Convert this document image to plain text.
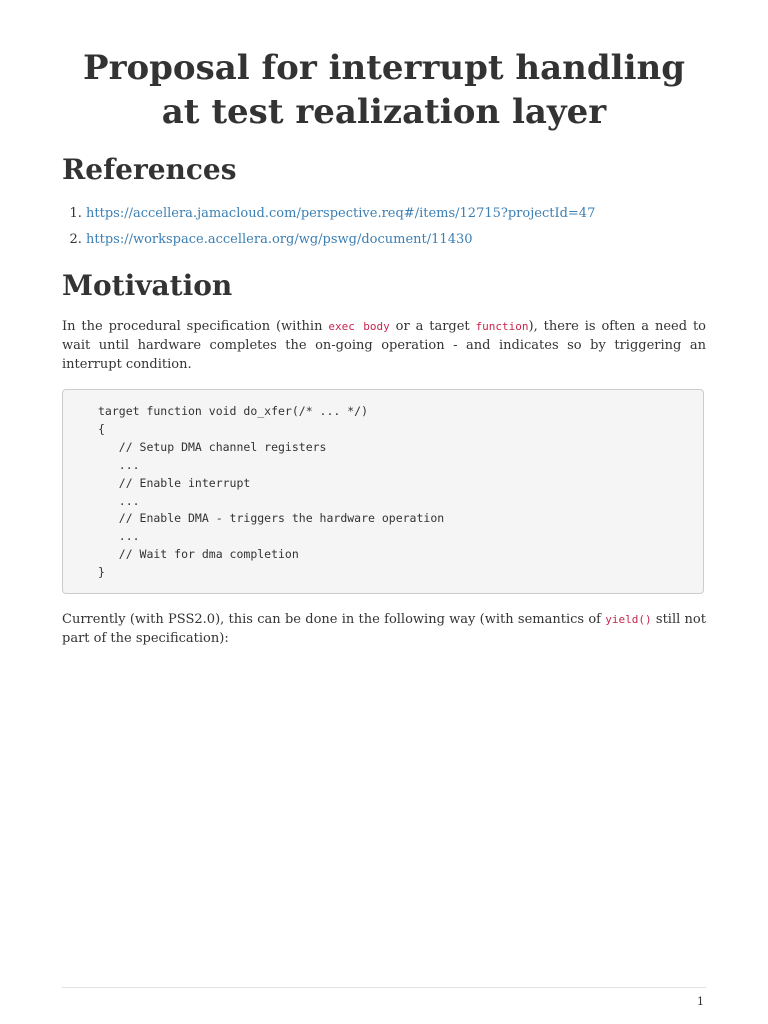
Proposal for interrupt handling at test realization layer
References
1. https://accellera.jamacloud.com/perspective.req#/items/12715?projectId=47
2. https://workspace.accellera.org/wg/pswg/document/11430
Motivation

In the procedural specification (within exec body or a target function), there is often a need to wait until hardware completes the on-going operation - and indicates so by triggering an interrupt condition.

target function void do_xfer(/* ... */)
{
// Setup DMA channel registers
...
// Enable interrupt
...
// Enable DMA - triggers the hardware operation
...
// Wait for dma completion
}

Currently (with PSS2.0), this can be done in the following way (with semantics of yield() still not part of the specification):

1
